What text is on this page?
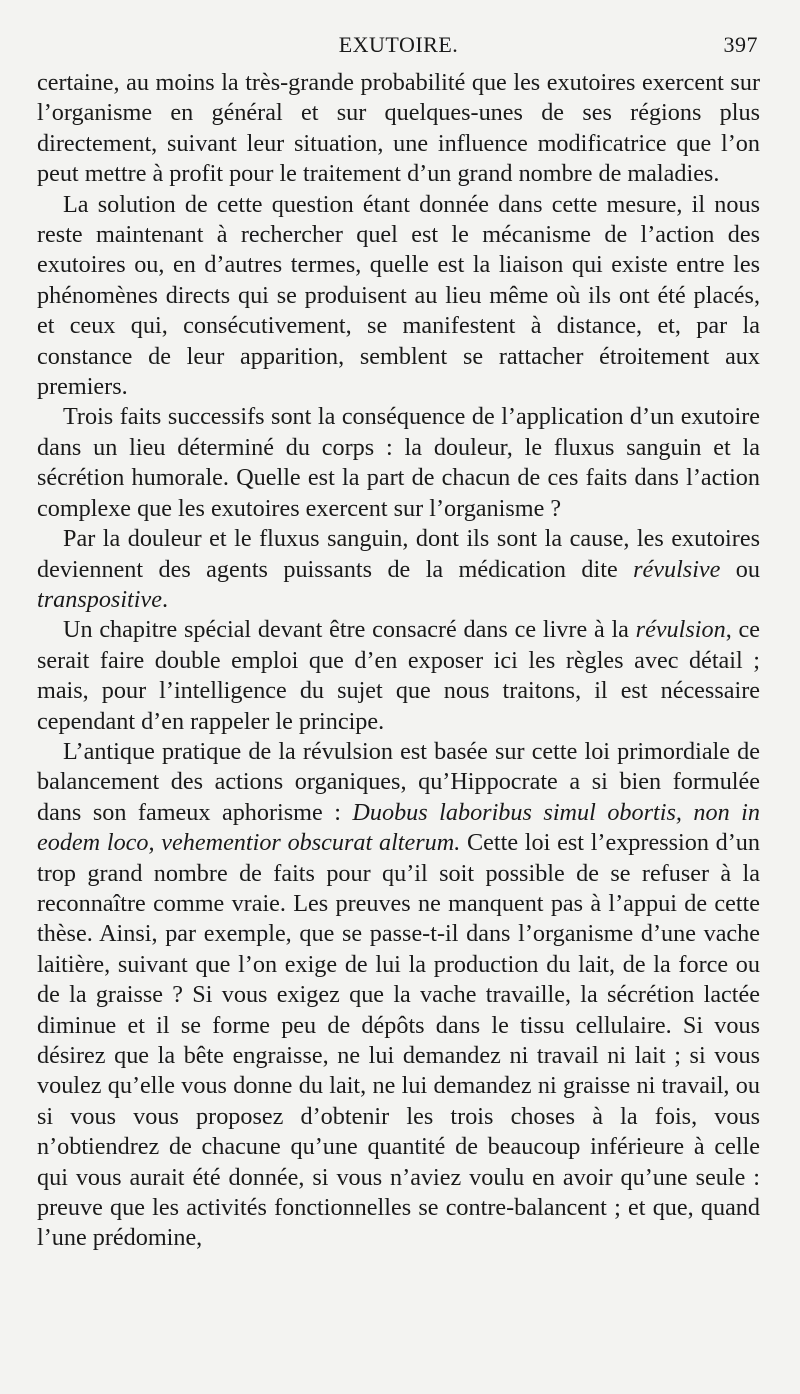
EXUTOIRE.	397

certaine, au moins la très-grande probabilité que les exutoires exercent sur l’organisme en général et sur quelques-unes de ses régions plus directement, suivant leur situation, une influence modificatrice que l’on peut mettre à profit pour le traitement d’un grand nombre de maladies.

La solution de cette question étant donnée dans cette mesure, il nous reste maintenant à rechercher quel est le mécanisme de l’action des exutoires ou, en d’autres termes, quelle est la liaison qui existe entre les phénomènes directs qui se produisent au lieu même où ils ont été placés, et ceux qui, consécutivement, se manifestent à distance, et, par la constance de leur apparition, semblent se rattacher étroitement aux premiers.

Trois faits successifs sont la conséquence de l’application d’un exutoire dans un lieu déterminé du corps : la douleur, le fluxus sanguin et la sécrétion humorale. Quelle est la part de chacun de ces faits dans l’action complexe que les exutoires exercent sur l’organisme ?

Par la douleur et le fluxus sanguin, dont ils sont la cause, les exutoires deviennent des agents puissants de la médication dite révulsive ou transpositive.

Un chapitre spécial devant être consacré dans ce livre à la révulsion, ce serait faire double emploi que d’en exposer ici les règles avec détail ; mais, pour l’intelligence du sujet que nous traitons, il est nécessaire cependant d’en rappeler le principe.

L’antique pratique de la révulsion est basée sur cette loi primordiale de balancement des actions organiques, qu’Hippocrate a si bien formulée dans son fameux aphorisme : Duobus laboribus simul obortis, non in eodem loco, vehementior obscurat alterum. Cette loi est l’expression d’un trop grand nombre de faits pour qu’il soit possible de se refuser à la reconnaître comme vraie. Les preuves ne manquent pas à l’appui de cette thèse. Ainsi, par exemple, que se passe-t-il dans l’organisme d’une vache laitière, suivant que l’on exige de lui la production du lait, de la force ou de la graisse ? Si vous exigez que la vache travaille, la sécrétion lactée diminue et il se forme peu de dépôts dans le tissu cellulaire. Si vous désirez que la bête engraisse, ne lui demandez ni travail ni lait ; si vous voulez qu’elle vous donne du lait, ne lui demandez ni graisse ni travail, ou si vous vous proposez d’obtenir les trois choses à la fois, vous n’obtiendrez de chacune qu’une quantité de beaucoup inférieure à celle qui vous aurait été donnée, si vous n’aviez voulu en avoir qu’une seule : preuve que les activités fonctionnelles se contre-balancent ; et que, quand l’une prédomine,
